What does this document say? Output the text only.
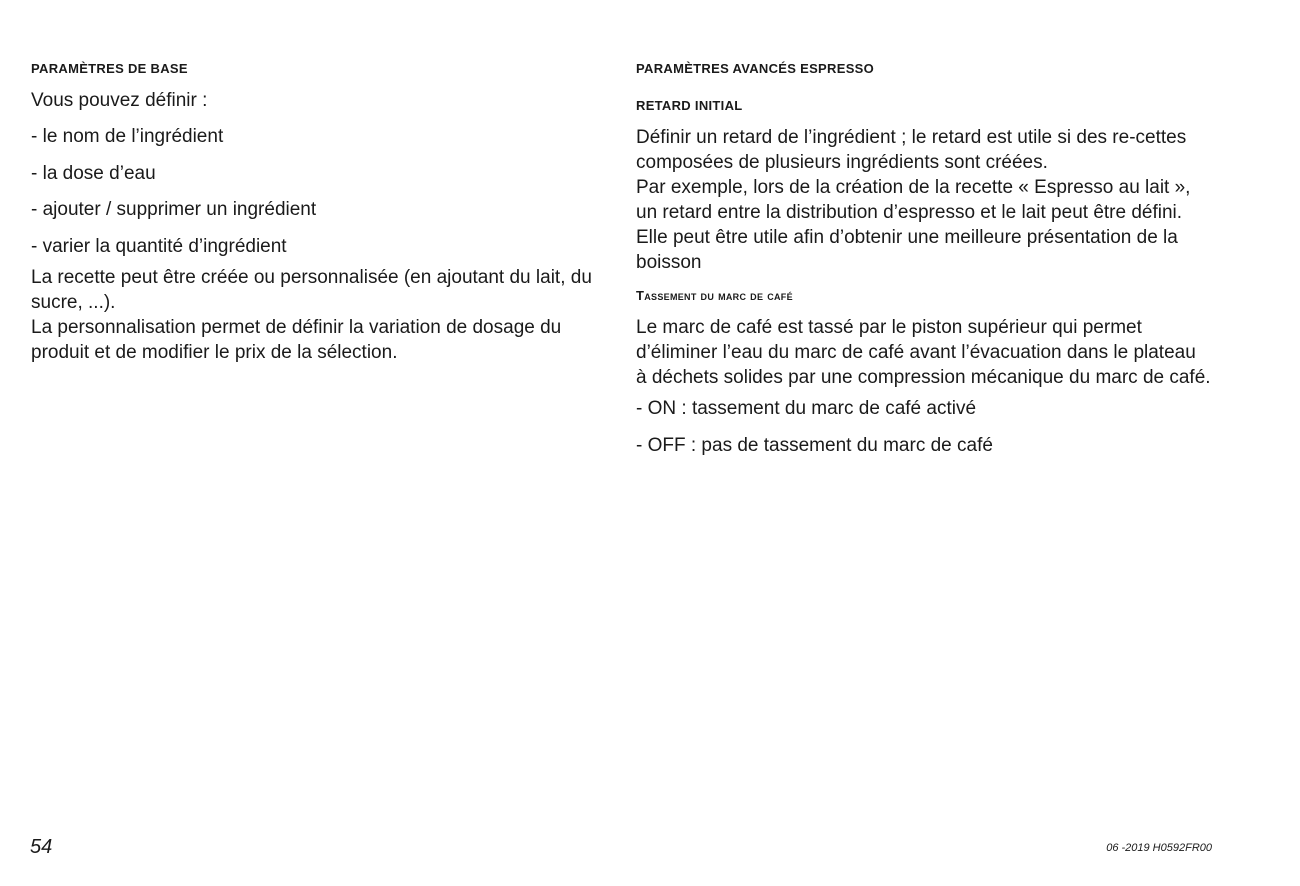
PARAMÈTRES DE BASE

Vous pouvez définir :

- le nom de l’ingrédient
- la dose d’eau
- ajouter / supprimer un ingrédient
- varier la quantité d’ingrédient

La recette peut être créée ou personnalisée (en ajoutant du lait, du sucre, ...).

La personnalisation permet de définir la variation de dosage du produit et de modifier le prix de la sélection.

PARAMÈTRES AVANCÉS ESPRESSO
RETARD INITIAL

Définir un retard de l’ingrédient ; le retard est utile si des re-cettes composées de plusieurs ingrédients sont créées.

Par exemple, lors de la création de la recette « Espresso au lait », un retard entre la distribution d’espresso et le lait peut être défini.

Elle peut être utile afin d’obtenir une meilleure présentation de la boisson

Tassement du marc de café

Le marc de café est tassé par le piston supérieur qui permet d’éliminer l’eau du marc de café avant l’évacuation dans le plateau à déchets solides par une compression mécanique du marc de café.

- ON : tassement du marc de café activé
- OFF : pas de tassement du marc de café

54	06 -2019 H0592FR00
